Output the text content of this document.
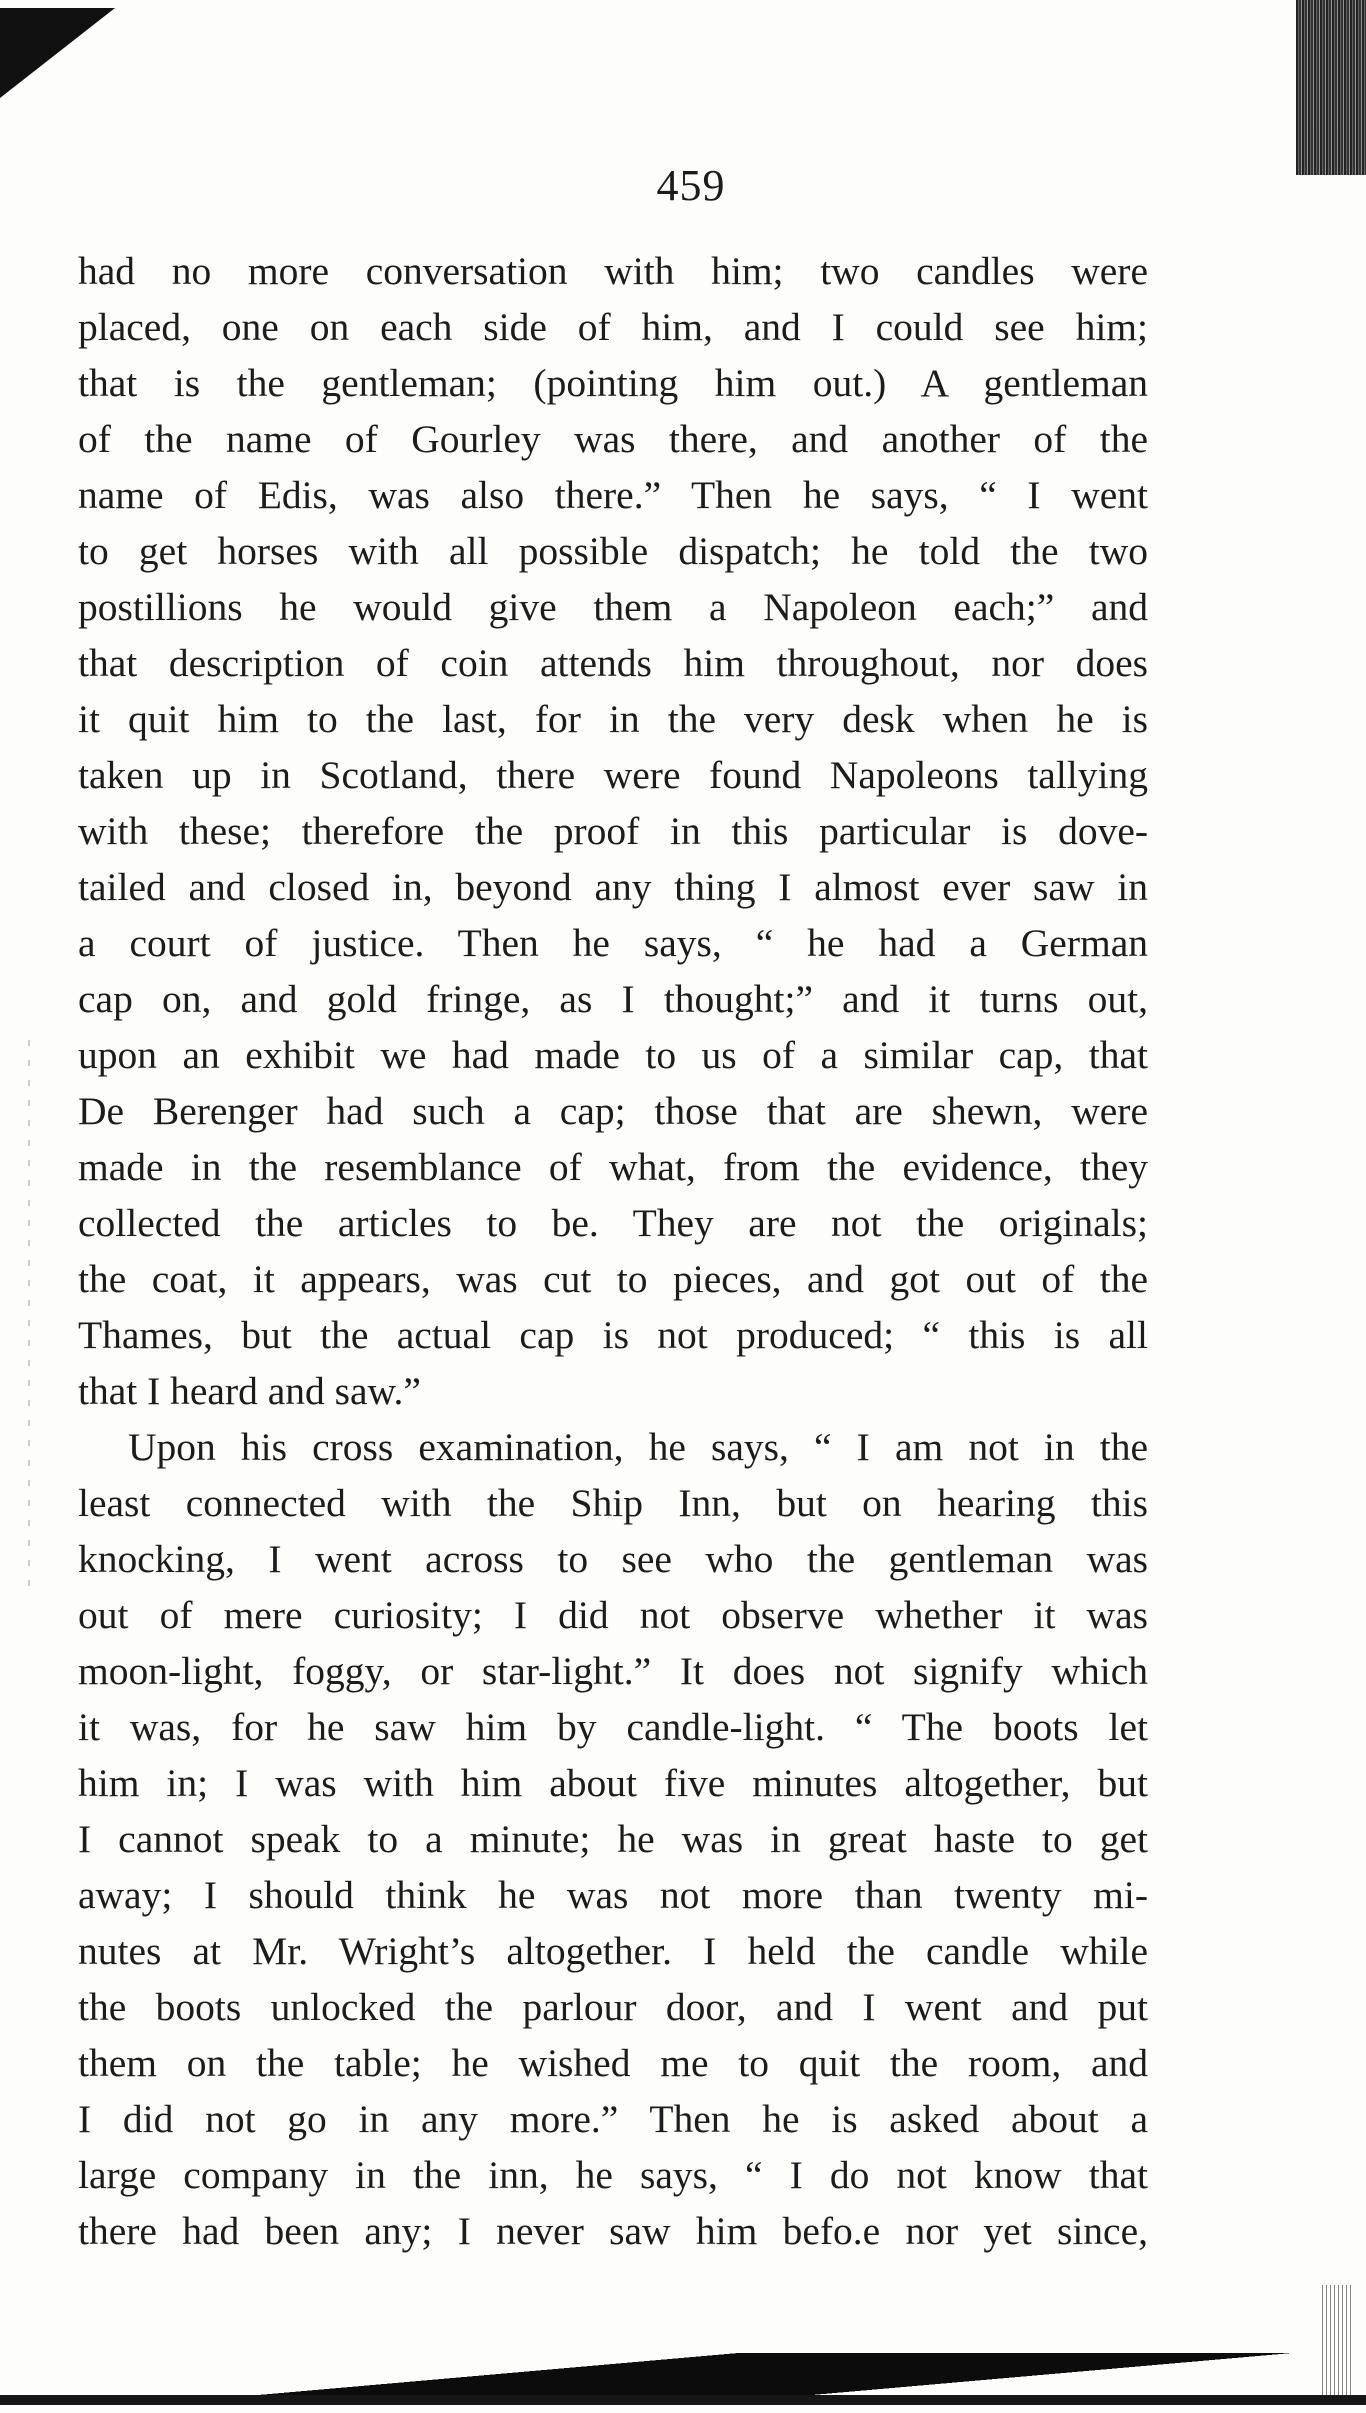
459
had no more conversation with him; two candles were
placed, one on each side of him, and I could see him;
that is the gentleman; (pointing him out.) A gentleman
of the name of Gourley was there, and another of the
name of Edis, was also there.” Then he says, “ I went
to get horses with all possible dispatch; he told the two
postillions he would give them a Napoleon each;” and
that description of coin attends him throughout, nor does
it quit him to the last, for in the very desk when he is
taken up in Scotland, there were found Napoleons tallying
with these; therefore the proof in this particular is dove-
tailed and closed in, beyond any thing I almost ever saw in
a court of justice. Then he says, “ he had a German
cap on, and gold fringe, as I thought;” and it turns out,
upon an exhibit we had made to us of a similar cap, that
De Berenger had such a cap; those that are shewn, were
made in the resemblance of what, from the evidence, they
collected the articles to be. They are not the originals;
the coat, it appears, was cut to pieces, and got out of the
Thames, but the actual cap is not produced; “ this is all
that I heard and saw.”
Upon his cross examination, he says, “ I am not in the
least connected with the Ship Inn, but on hearing this
knocking, I went across to see who the gentleman was
out of mere curiosity; I did not observe whether it was
moon-light, foggy, or star-light.” It does not signify which
it was, for he saw him by candle-light. “ The boots let
him in; I was with him about five minutes altogether, but
I cannot speak to a minute; he was in great haste to get
away; I should think he was not more than twenty mi-
nutes at Mr. Wright’s altogether. I held the candle while
the boots unlocked the parlour door, and I went and put
them on the table; he wished me to quit the room, and
I did not go in any more.” Then he is asked about a
large company in the inn, he says, “ I do not know that
there had been any; I never saw him befo.e nor yet since,
